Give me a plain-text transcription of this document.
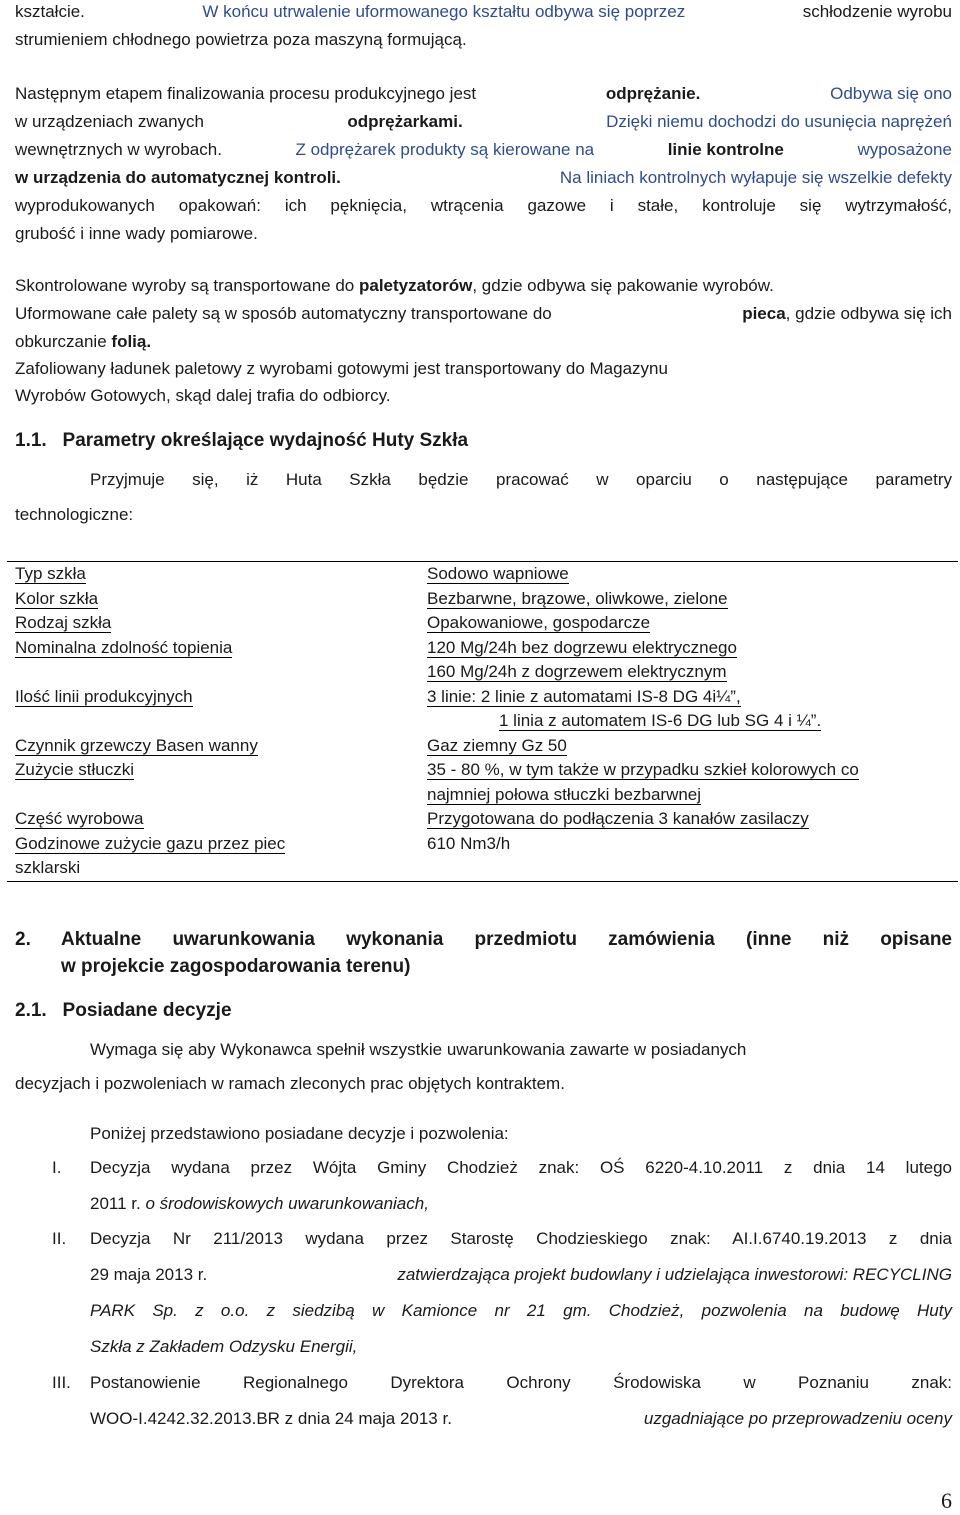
kształcie.	W końcu utrwalenie uformowanego kształtu odbywa się poprzez	schłodzenie wyrobu
strumieniem chłodnego powietrza poza maszyną formującą.
Następnym etapem finalizowania procesu produkcyjnego jest	odprężanie.	Odbywa się ono
w urządzeniach zwanych	odprężarkami.	Dzięki niemu dochodzi do usunięcia naprężeń
wewnętrznych w wyrobach.	Z odprężarek produkty są kierowane na	linie kontrolne	wyposażone
w urządzenia do automatycznej kontroli.	Na liniach kontrolnych wyłapuje się wszelkie defekty
wyprodukowanych opakowań: ich pęknięcia, wtrącenia gazowe i stałe, kontroluje się wytrzymałość,
grubość i inne wady pomiarowe.
Skontrolowane wyroby są transportowane do paletyzatorów, gdzie odbywa się pakowanie wyrobów.
Uformowane całe palety są w sposób automatyczny transportowane do	pieca, gdzie odbywa się ich
obkurczanie folią.
Zafoliowany ładunek paletowy z wyrobami gotowymi jest transportowany do Magazynu
Wyrobów Gotowych, skąd dalej trafia do odbiorcy.
1.1. Parametry określające wydajność Huty Szkła
Przyjmuje się, iż Huta Szkła będzie pracować w oparciu o następujące parametry
technologiczne:
Typ szkła	Sodowo wapniowe
Kolor szkła	Bezbarwne, brązowe, oliwkowe, zielone
Rodzaj szkła	Opakowaniowe, gospodarcze
Nominalna zdolność topienia	120 Mg/24h bez dogrzewu elektrycznego
160 Mg/24h z dogrzewem elektrycznym
Ilość linii produkcyjnych	3 linie: 2 linie z automatami IS-8 DG 4i¼”,
1 linia z automatem IS-6 DG lub SG 4 i ¼”.
Czynnik grzewczy Basen wanny	Gaz ziemny Gz 50
Zużycie stłuczki	35 - 80 %, w tym także w przypadku szkieł kolorowych co
najmniej połowa stłuczki bezbarwnej
Część wyrobowa	Przygotowana do podłączenia 3 kanałów zasilaczy
Godzinowe zużycie gazu przez piec
szklarski	610 Nm3/h
2. Aktualne uwarunkowania wykonania przedmiotu zamówienia (inne niż opisane
w projekcie zagospodarowania terenu)
2.1. Posiadane decyzje
Wymaga się aby Wykonawca spełnił wszystkie uwarunkowania zawarte w posiadanych
decyzjach i pozwoleniach w ramach zleconych prac objętych kontraktem.
Poniżej przedstawiono posiadane decyzje i pozwolenia:
I. Decyzja wydana przez Wójta Gminy Chodzież znak: OŚ 6220-4.10.2011 z dnia 14 lutego
2011 r. o środowiskowych uwarunkowaniach,
II. Decyzja Nr 211/2013 wydana przez Starostę Chodzieskiego znak: AI.I.6740.19.2013 z dnia
29 maja 2013 r.	zatwierdzająca projekt budowlany i udzielająca inwestorowi: RECYCLING
PARK Sp. z o.o. z siedzibą w Kamionce nr 21 gm. Chodzież, pozwolenia na budowę Huty
Szkła z Zakładem Odzysku Energii,
III. Postanowienie Regionalnego Dyrektora Ochrony Środowiska w Poznaniu znak:
WOO-I.4242.32.2013.BR z dnia 24 maja 2013 r.	uzgadniające po przeprowadzeniu oceny
6
